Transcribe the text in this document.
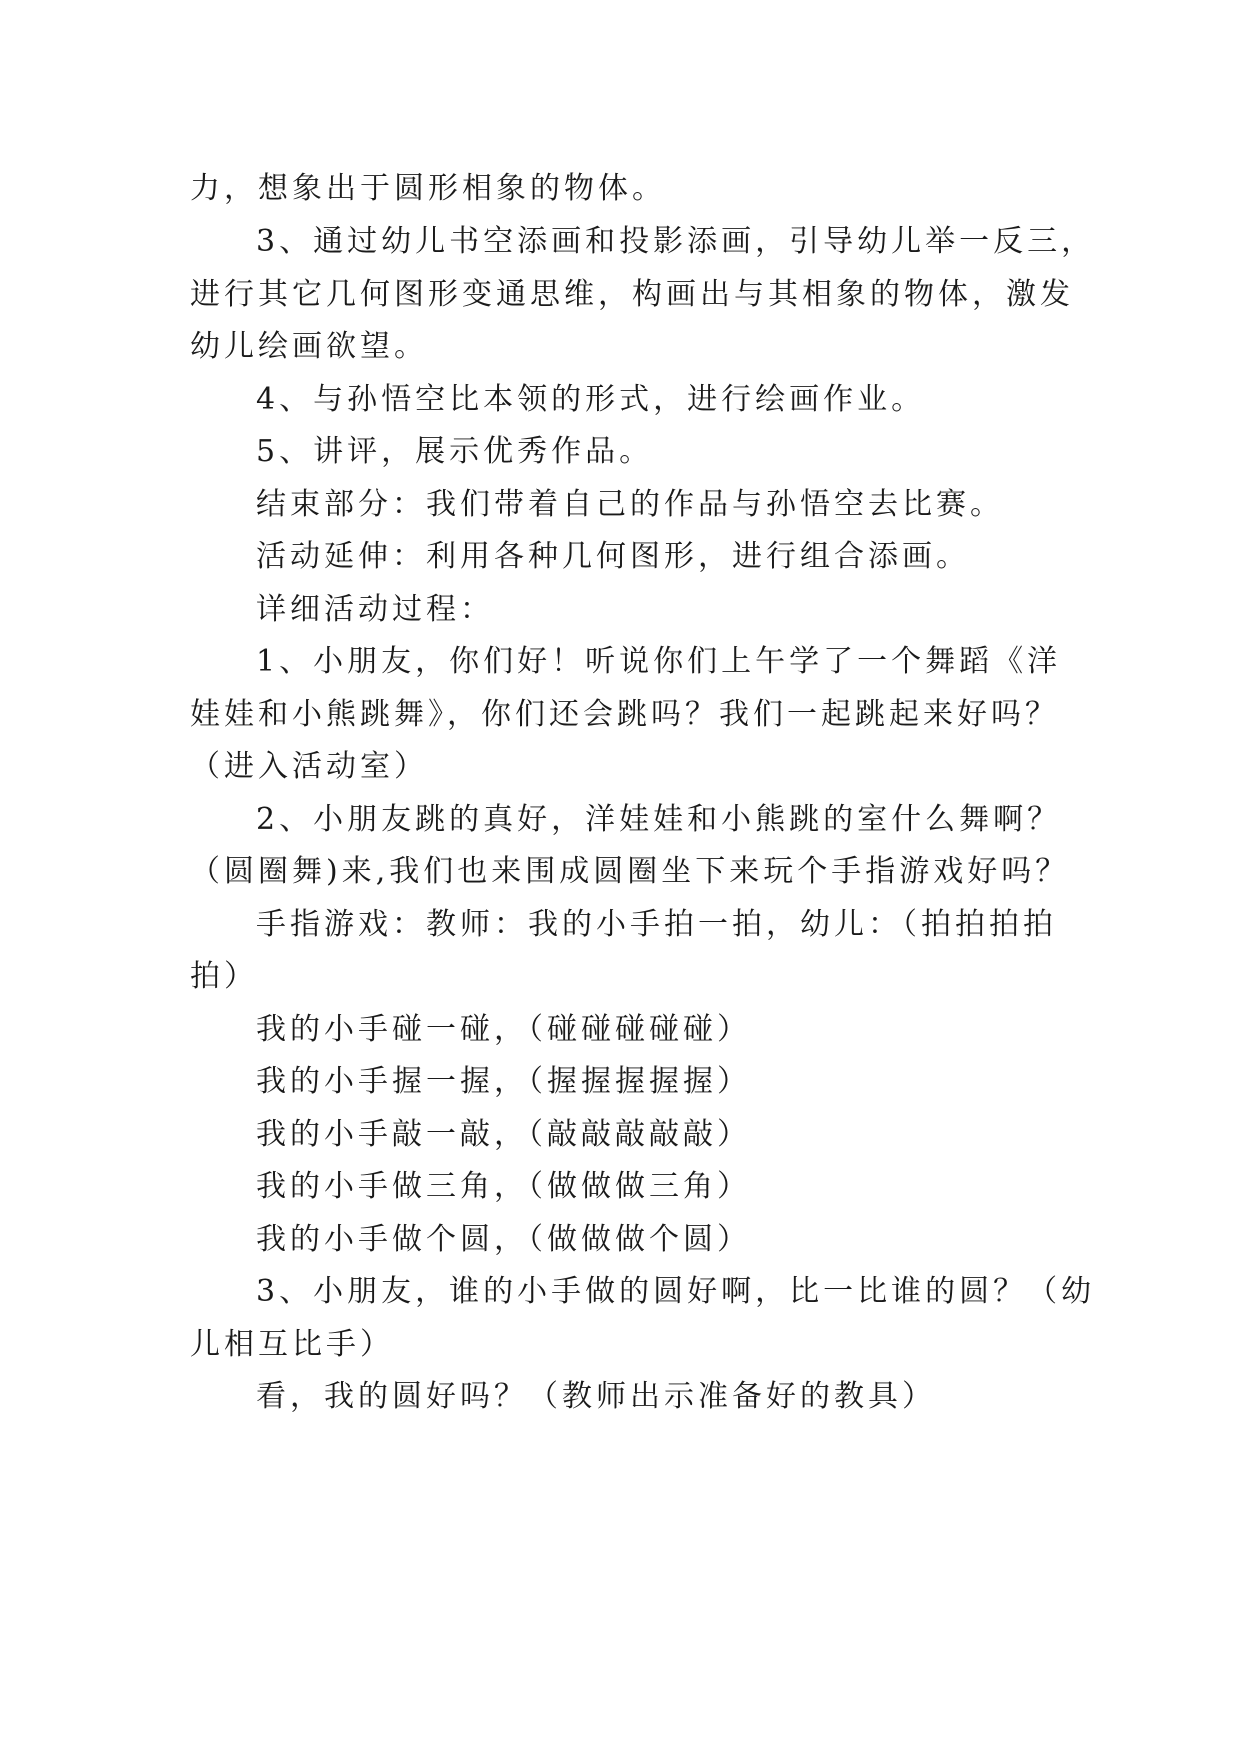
力，想象出于圆形相象的物体。
3、通过幼儿书空添画和投影添画，引导幼儿举一反三，
进行其它几何图形变通思维，构画出与其相象的物体，激发
幼儿绘画欲望。
4、与孙悟空比本领的形式，进行绘画作业。
5、讲评，展示优秀作品。
结束部分：我们带着自己的作品与孙悟空去比赛。
活动延伸：利用各种几何图形，进行组合添画。
详细活动过程：
1、小朋友，你们好！听说你们上午学了一个舞蹈《洋
娃娃和小熊跳舞》，你们还会跳吗？我们一起跳起来好吗？
（进入活动室）
2、小朋友跳的真好，洋娃娃和小熊跳的室什么舞啊？
（圆圈舞)来,我们也来围成圆圈坐下来玩个手指游戏好吗？
手指游戏：教师：我的小手拍一拍，幼儿：（拍拍拍拍
拍）
我的小手碰一碰，（碰碰碰碰碰）
我的小手握一握，（握握握握握）
我的小手敲一敲，（敲敲敲敲敲）
我的小手做三角，（做做做三角）
我的小手做个圆，（做做做个圆）
3、小朋友，谁的小手做的圆好啊，比一比谁的圆？（幼
儿相互比手）
看，我的圆好吗？（教师出示准备好的教具）
